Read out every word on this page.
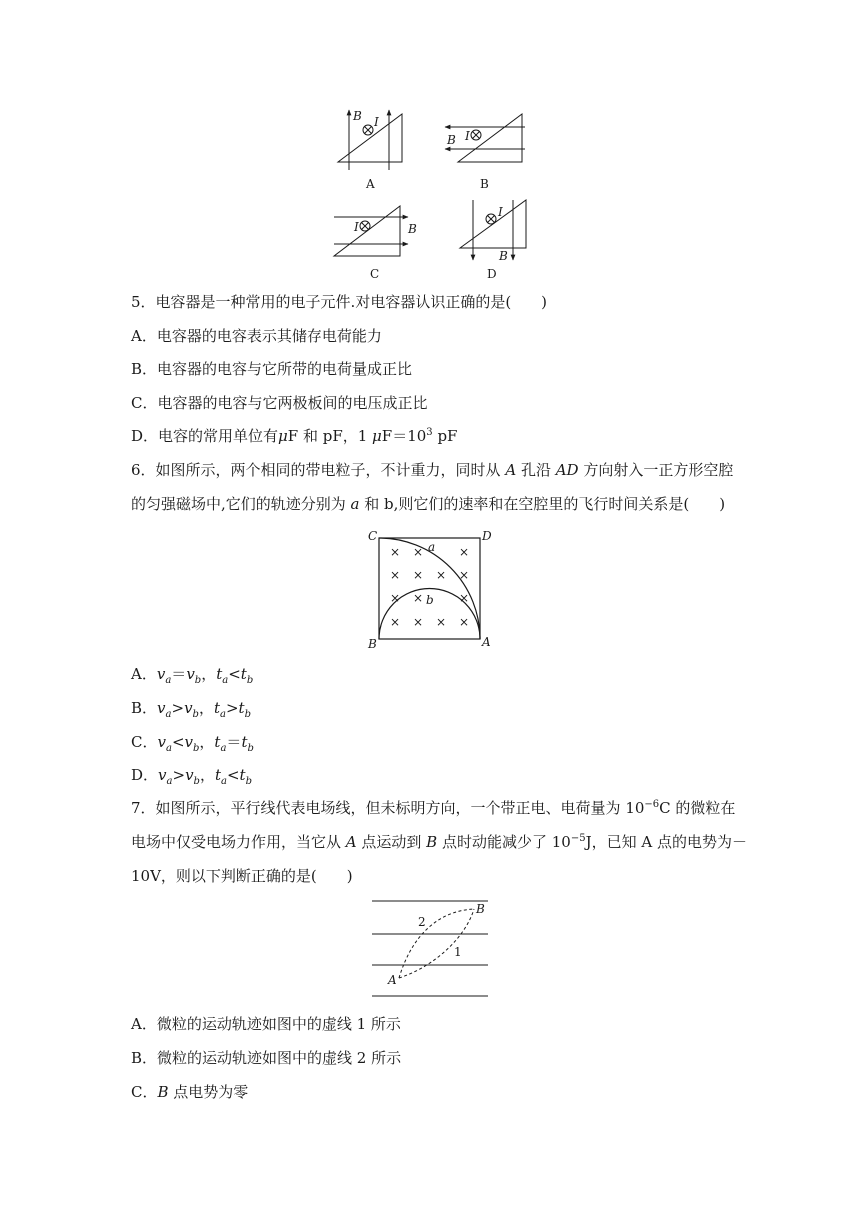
B I
A
I
B
B
I	B
C
I
B
D
5．电容器是一种常用的电子元件.对电容器认识正确的是(　　)
A．电容器的电容表示其储存电荷能力
B．电容器的电容与它所带的电荷量成正比
C．电容器的电容与它两极板间的电压成正比
D．电容的常用单位有μF 和 pF，1 $\mu F=10^3$ pF
6．如图所示，两个相同的带电粒子，不计重力，同时从 A 孔沿 AD 方向射入一正方形空腔
的匀强磁场中,它们的轨迹分别为 a 和 b,则它们的速率和在空腔里的飞行时间关系是(　　)
× ×	×
× × × ×
× ×	×
× × × ×
C	D
B	A
a
b
A．$v_a=v_b$，$t_a<t_b$
B．$v_a>v_b$，$t_a>t_b$
C．$v_a<v_b$，$t_a=t_b$
D．$v_a>v_b$，$t_a<t_b$
7．如图所示，平行线代表电场线，但未标明方向，一个带正电、电荷量为 $10^{-6}C$ 的微粒在
电场中仅受电场力作用，当它从 A 点运动到 B 点时动能减少了 $10^{-5}J$，已知 A 点的电势为－
10V，则以下判断正确的是(　　)
A
B
2
1
A．微粒的运动轨迹如图中的虚线 1 所示
B．微粒的运动轨迹如图中的虚线 2 所示
C．B 点电势为零
